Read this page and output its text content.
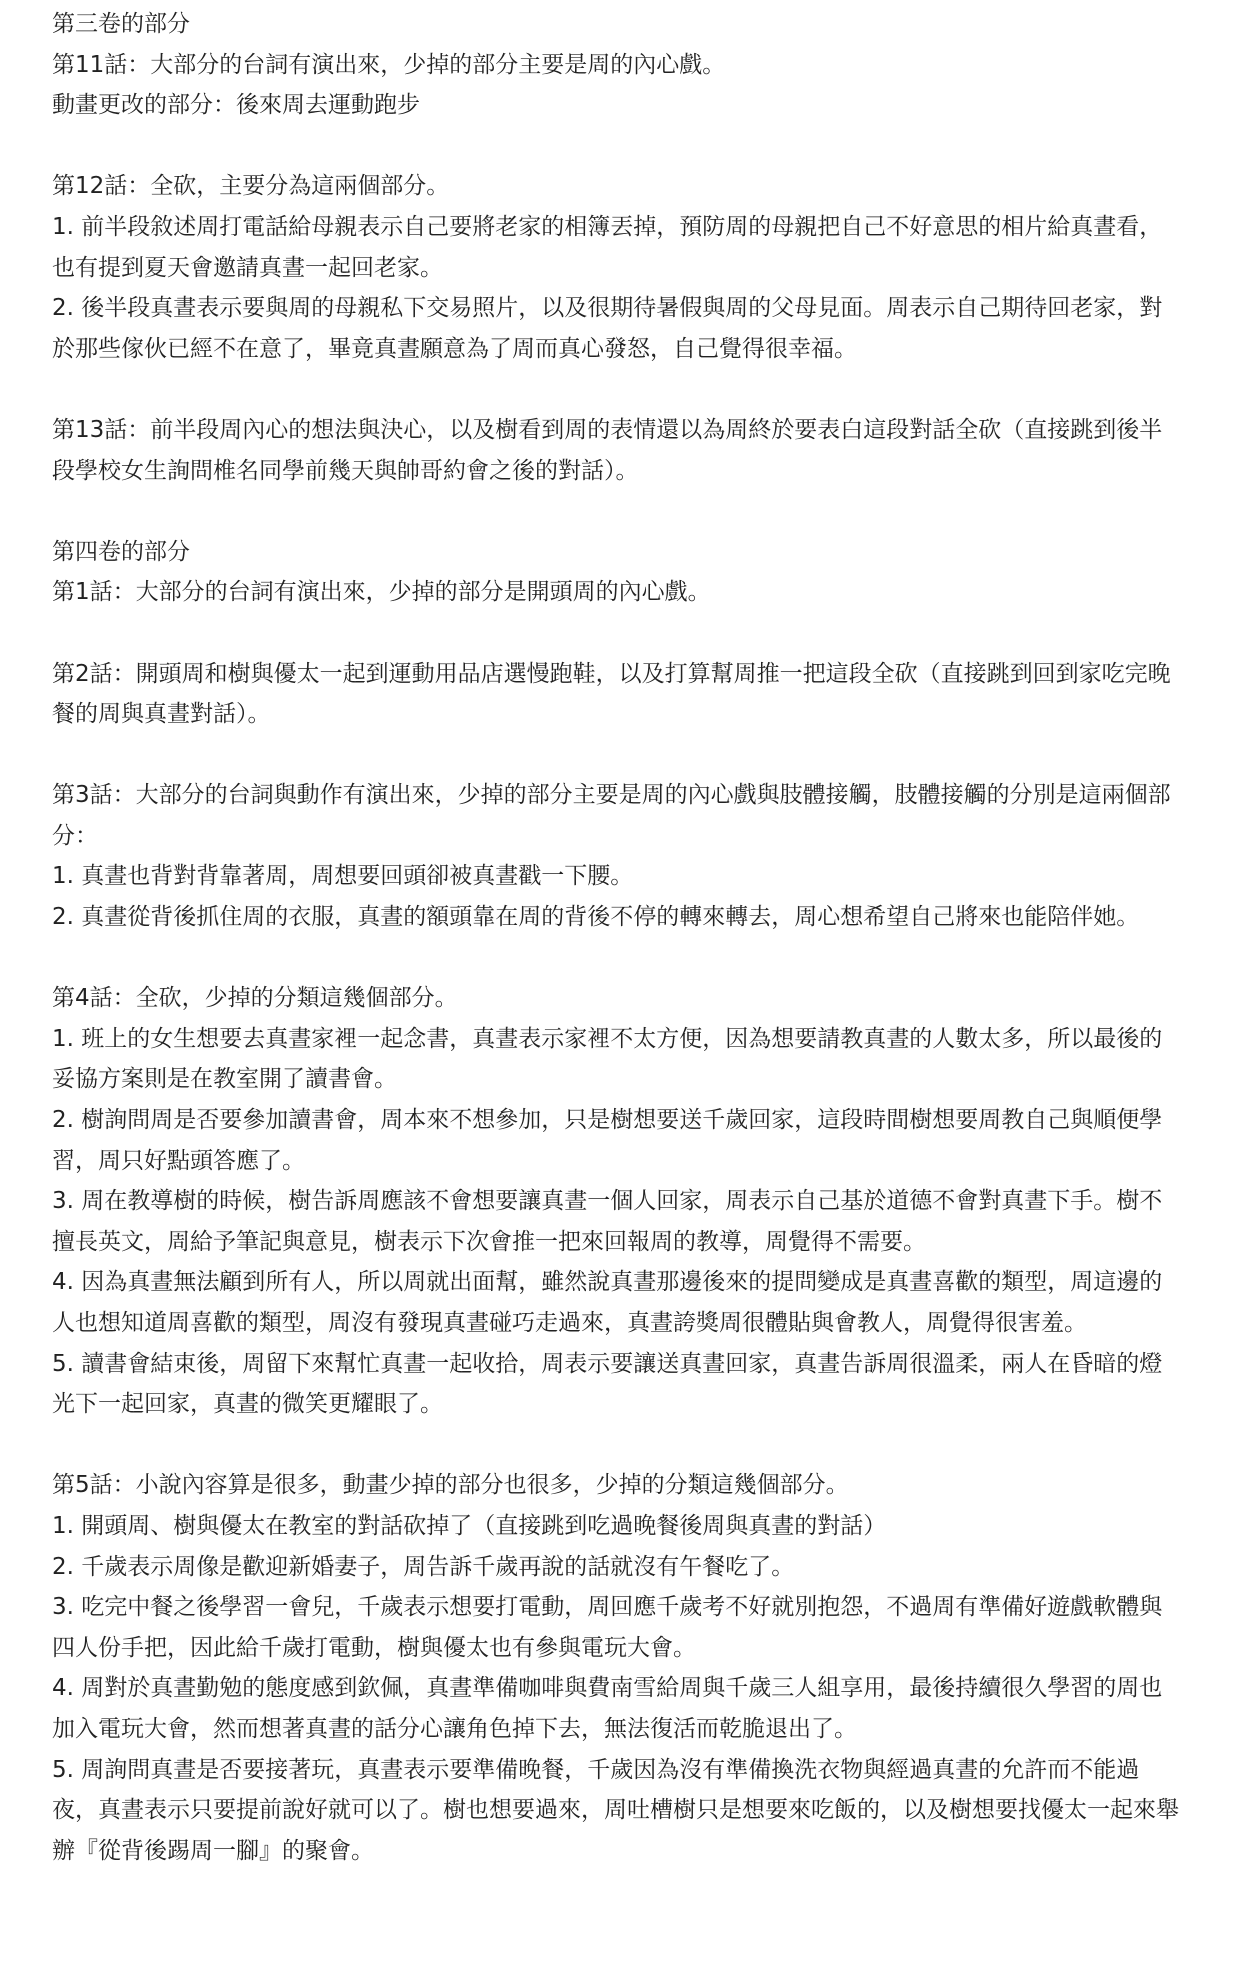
第三卷的部分

第11話：大部分的台詞有演出來，少掉的部分主要是周的內心戲。

動畫更改的部分：後來周去運動跑步

第12話：全砍，主要分為這兩個部分。

1. 前半段敘述周打電話給母親表示自己要將老家的相簿丟掉，預防周的母親把自己不好意思的相片給真晝看，也有提到夏天會邀請真晝一起回老家。

2. 後半段真晝表示要與周的母親私下交易照片，以及很期待暑假與周的父母見面。周表示自己期待回老家，對於那些傢伙已經不在意了，畢竟真晝願意為了周而真心發怒，自己覺得很幸福。

第13話：前半段周內心的想法與決心，以及樹看到周的表情還以為周終於要表白這段對話全砍（直接跳到後半段學校女生詢問椎名同學前幾天與帥哥約會之後的對話）。

第四卷的部分

第1話：大部分的台詞有演出來，少掉的部分是開頭周的內心戲。

第2話：開頭周和樹與優太一起到運動用品店選慢跑鞋，以及打算幫周推一把這段全砍（直接跳到回到家吃完晚餐的周與真晝對話）。

第3話：大部分的台詞與動作有演出來，少掉的部分主要是周的內心戲與肢體接觸，肢體接觸的分別是這兩個部分：

1. 真晝也背對背靠著周，周想要回頭卻被真晝戳一下腰。

2. 真晝從背後抓住周的衣服，真晝的額頭靠在周的背後不停的轉來轉去，周心想希望自己將來也能陪伴她。

第4話：全砍，少掉的分類這幾個部分。

1. 班上的女生想要去真晝家裡一起念書，真晝表示家裡不太方便，因為想要請教真晝的人數太多，所以最後的妥協方案則是在教室開了讀書會。

2. 樹詢問周是否要參加讀書會，周本來不想參加，只是樹想要送千歲回家，這段時間樹想要周教自己與順便學習，周只好點頭答應了。

3. 周在教導樹的時候，樹告訴周應該不會想要讓真晝一個人回家，周表示自己基於道德不會對真晝下手。樹不擅長英文，周給予筆記與意見，樹表示下次會推一把來回報周的教導，周覺得不需要。

4. 因為真晝無法顧到所有人，所以周就出面幫，雖然說真晝那邊後來的提問變成是真晝喜歡的類型，周這邊的人也想知道周喜歡的類型，周沒有發現真晝碰巧走過來，真晝誇獎周很體貼與會教人，周覺得很害羞。

5. 讀書會結束後，周留下來幫忙真晝一起收拾，周表示要讓送真晝回家，真晝告訴周很溫柔，兩人在昏暗的燈光下一起回家，真晝的微笑更耀眼了。

第5話：小說內容算是很多，動畫少掉的部分也很多，少掉的分類這幾個部分。

1. 開頭周、樹與優太在教室的對話砍掉了（直接跳到吃過晚餐後周與真晝的對話）

2. 千歲表示周像是歡迎新婚妻子，周告訴千歲再說的話就沒有午餐吃了。

3. 吃完中餐之後學習一會兒，千歲表示想要打電動，周回應千歲考不好就別抱怨，不過周有準備好遊戲軟體與四人份手把，因此給千歲打電動，樹與優太也有參與電玩大會。

4. 周對於真晝勤勉的態度感到欽佩，真晝準備咖啡與費南雪給周與千歲三人組享用，最後持續很久學習的周也加入電玩大會，然而想著真晝的話分心讓角色掉下去，無法復活而乾脆退出了。

5. 周詢問真晝是否要接著玩，真晝表示要準備晚餐，千歲因為沒有準備換洗衣物與經過真晝的允許而不能過夜，真晝表示只要提前說好就可以了。樹也想要過來，周吐槽樹只是想要來吃飯的，以及樹想要找優太一起來舉辦『從背後踢周一腳』的聚會。
